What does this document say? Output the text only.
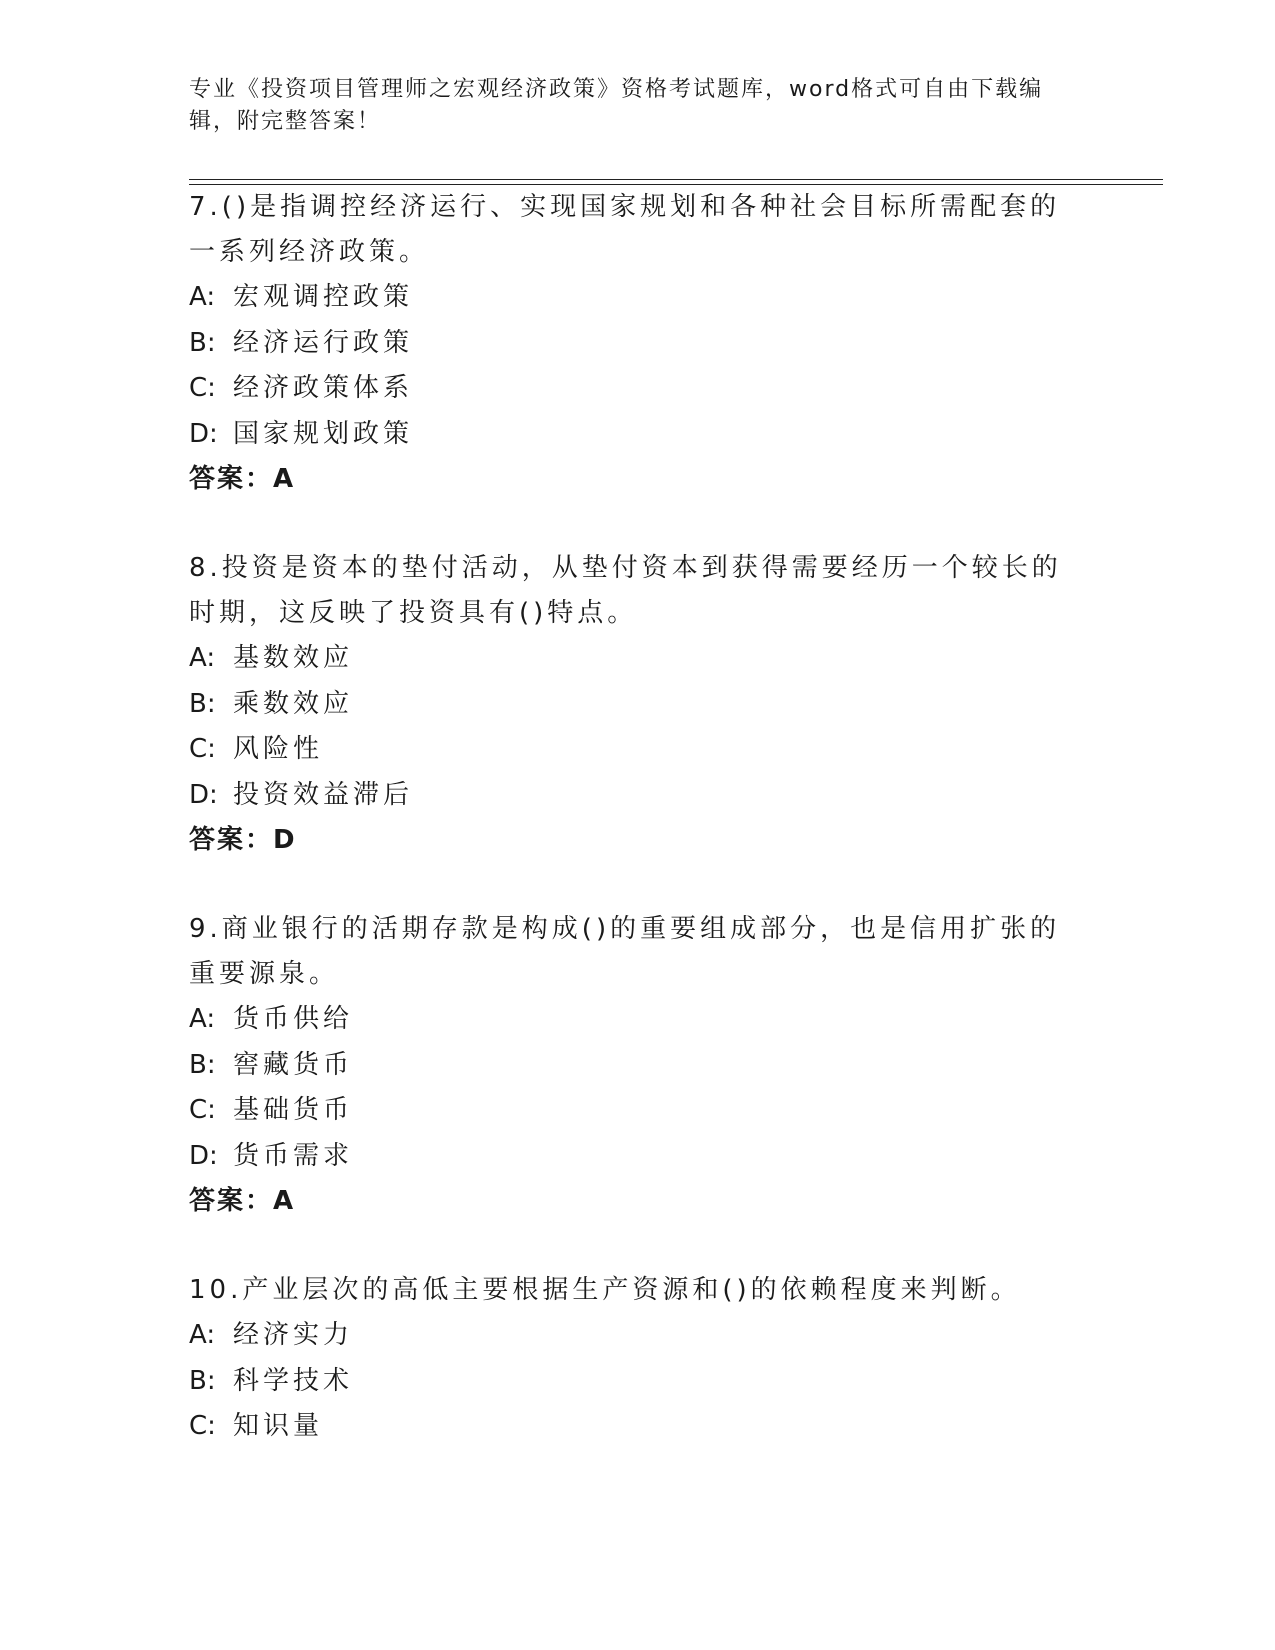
专业《投资项目管理师之宏观经济政策》资格考试题库，word格式可自由下载编辑，附完整答案！

7.()是指调控经济运行、实现国家规划和各种社会目标所需配套的一系列经济政策。

A: 宏观调控政策

B: 经济运行政策

C: 经济政策体系

D: 国家规划政策

答案：A

8.投资是资本的垫付活动，从垫付资本到获得需要经历一个较长的时期，这反映了投资具有()特点。

A: 基数效应

B: 乘数效应

C: 风险性

D: 投资效益滞后

答案：D

9.商业银行的活期存款是构成()的重要组成部分，也是信用扩张的重要源泉。

A: 货币供给

B: 窖藏货币

C: 基础货币

D: 货币需求

答案：A

10.产业层次的高低主要根据生产资源和()的依赖程度来判断。

A: 经济实力

B: 科学技术

C: 知识量
